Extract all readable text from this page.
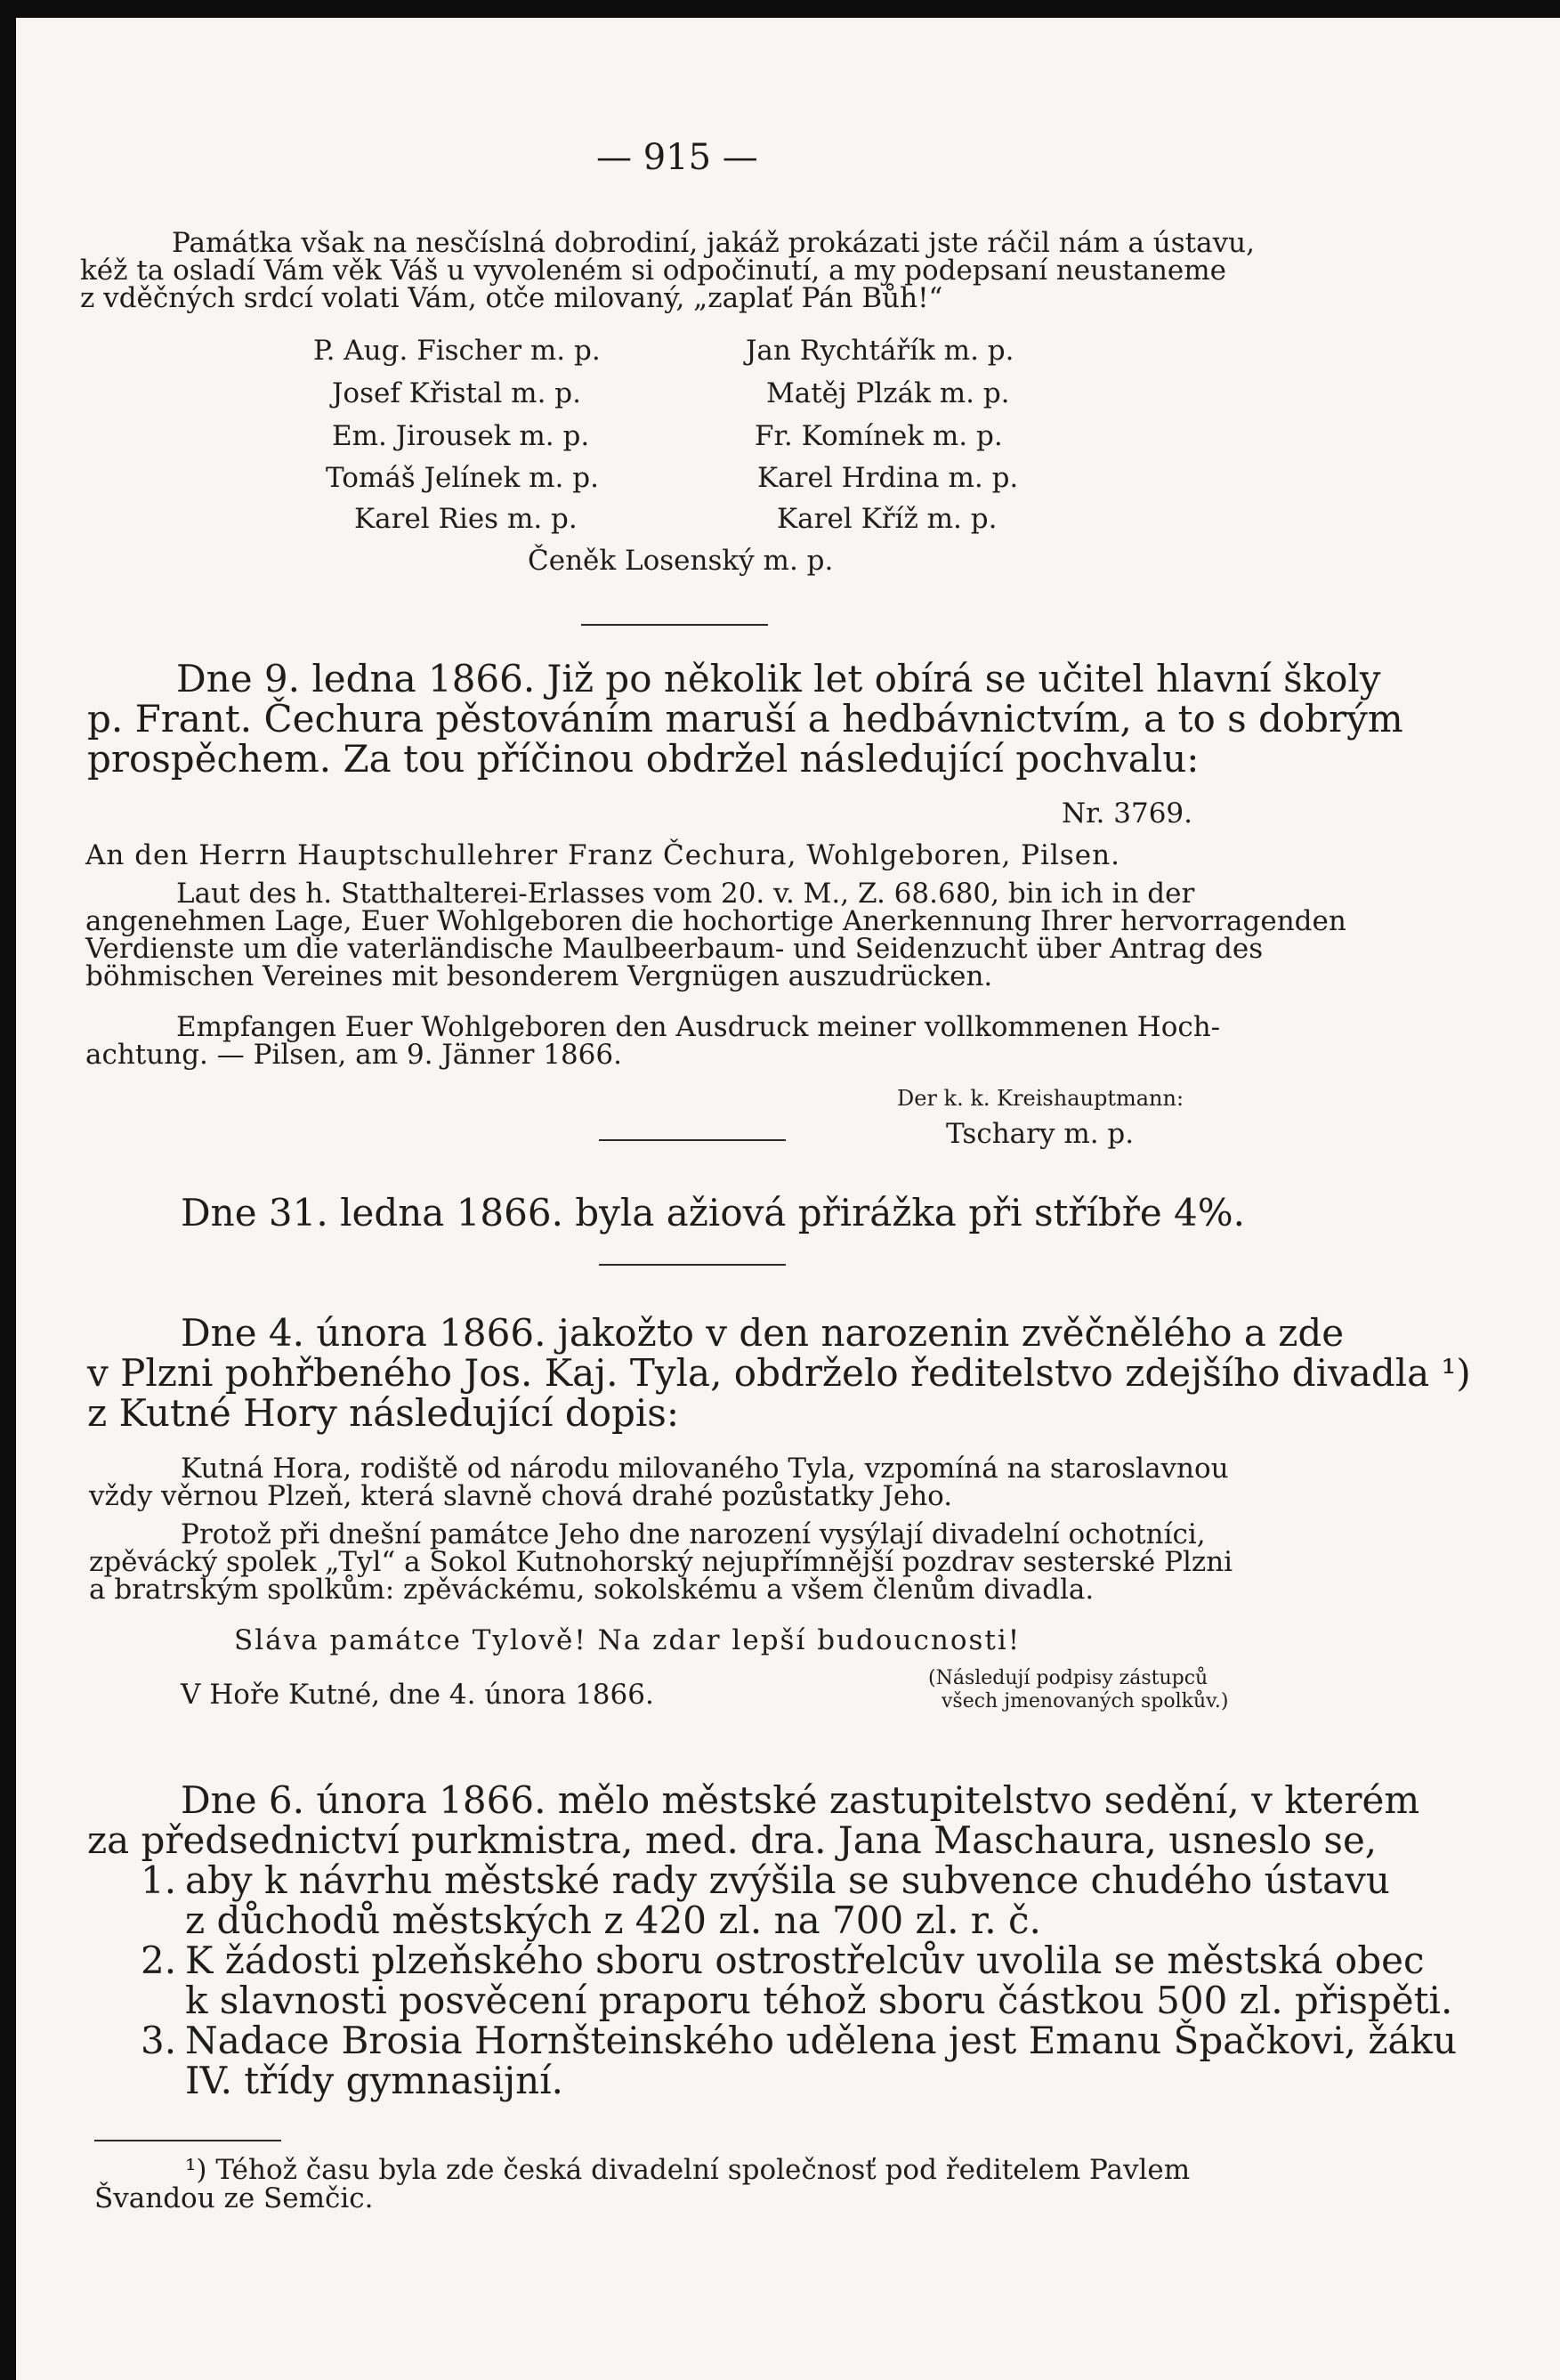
— 915 —
Památka však na nesčíslná dobrodiní, jakáž prokázati jste ráčil nám a ústavu,
kéž ta osladí Vám věk Váš u vyvoleném si odpočinutí, a my podepsaní neustaneme
z vděčných srdcí volati Vám, otče milovaný, „zaplať Pán Bůh!“
P. Aug. Fischer m. p.
Josef Křistal m. p.
Em. Jirousek m. p.
Tomáš Jelínek m. p.
Karel Ries m. p.
Jan Rychtářík m. p.
Matěj Plzák m. p.
Fr. Komínek m. p.
Karel Hrdina m. p.
Karel Kříž m. p.
Čeněk Losenský m. p.
Dne 9. ledna 1866. Již po několik let obírá se učitel hlavní školy
p. Frant. Čechura pěstováním maruší a hedbávnictvím, a to s dobrým
prospěchem. Za tou příčinou obdržel následující pochvalu:
Nr. 3769.
An den Herrn Hauptschullehrer Franz Čechura, Wohlgeboren, Pilsen.
Laut des h. Statthalterei-Erlasses vom 20. v. M., Z. 68.680, bin ich in der
angenehmen Lage, Euer Wohlgeboren die hochortige Anerkennung Ihrer hervorragenden
Verdienste um die vaterländische Maulbeerbaum- und Seidenzucht über Antrag des
böhmischen Vereines mit besonderem Vergnügen auszudrücken.
Empfangen Euer Wohlgeboren den Ausdruck meiner vollkommenen Hoch-
achtung. — Pilsen, am 9. Jänner 1866.
Der k. k. Kreishauptmann:
Tschary m. p.
Dne 31. ledna 1866. byla ažiová přirážka při stříbře 4%.
Dne 4. února 1866. jakožto v den narozenin zvěčnělého a zde
v Plzni pohřbeného Jos. Kaj. Tyla, obdrželo ředitelstvo zdejšího divadla ¹)
z Kutné Hory následující dopis:
Kutná Hora, rodiště od národu milovaného Tyla, vzpomíná na staroslavnou
vždy věrnou Plzeň, která slavně chová drahé pozůstatky Jeho.
Protož při dnešní památce Jeho dne narození vysýlají divadelní ochotníci,
zpěvácký spolek „Tyl“ a Sokol Kutnohorský nejupřímnější pozdrav sesterské Plzni
a bratrským spolkům: zpěváckému, sokolskému a všem členům divadla.
Sláva památce Tylově! Na zdar lepší budoucnosti!
V Hoře Kutné, dne 4. února 1866.
(Následují podpisy zástupců
všech jmenovaných spolkův.)
Dne 6. února 1866. mělo městské zastupitelstvo sedění, v kterém
za předsednictví purkmistra, med. dra. Jana Maschaura, usneslo se,
1. aby k návrhu městské rady zvýšila se subvence chudého ústavu
z důchodů městských z 420 zl. na 700 zl. r. č.
2. K žádosti plzeňského sboru ostrostřelcův uvolila se městská obec
k slavnosti posvěcení praporu téhož sboru částkou 500 zl. přispěti.
3. Nadace Brosia Hornšteinského udělena jest Emanu Špačkovi, žáku
IV. třídy gymnasijní.
¹) Téhož času byla zde česká divadelní společnosť pod ředitelem Pavlem
Švandou ze Semčic.
